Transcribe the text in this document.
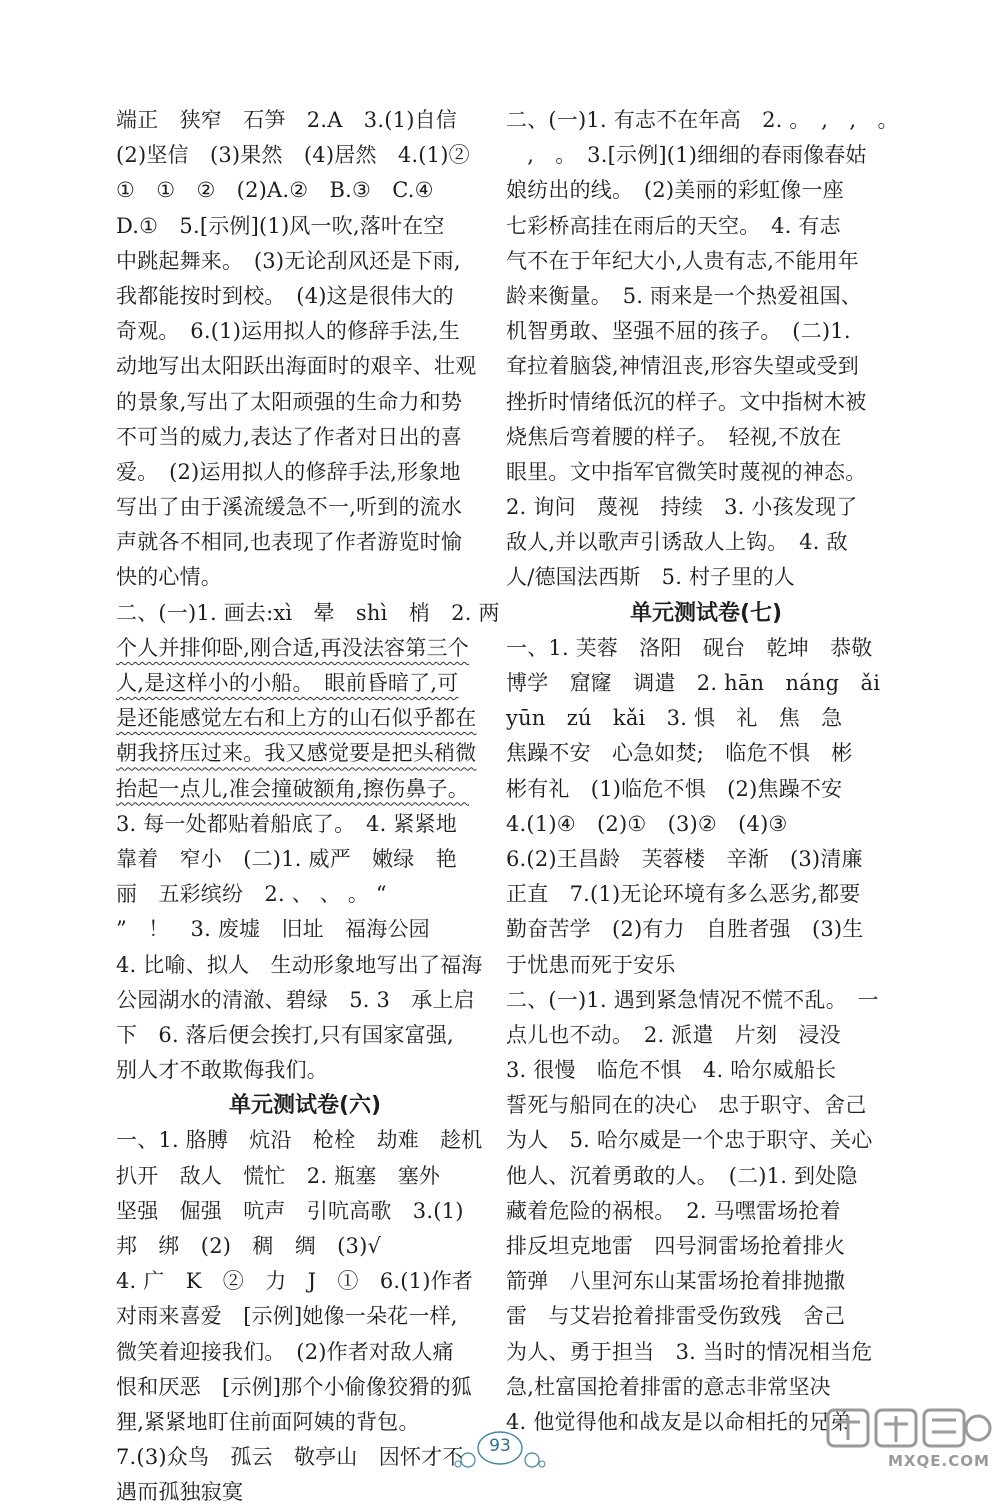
端正　狭窄　石笋　2.A　3.(1)自信
(2)坚信　(3)果然　(4)居然　4.(1)②
①　①　②　(2)A.②　B.③　C.④
D.①　5.[示例](1)风一吹,落叶在空
中跳起舞来。　(3)无论刮风还是下雨,
我都能按时到校。　(4)这是很伟大的
奇观。　6.(1)运用拟人的修辞手法,生
动地写出太阳跃出海面时的艰辛、壮观
的景象,写出了太阳顽强的生命力和势
不可当的威力,表达了作者对日出的喜
爱。　(2)运用拟人的修辞手法,形象地
写出了由于溪流缓急不一,听到的流水
声就各不相同,也表现了作者游览时愉
快的心情。
二、(一)1. 画去:xì　晕　shì　梢　2. 两
个人并排仰卧,刚合适,再没法容第三个
人,是这样小的小船。　眼前昏暗了,可
是还能感觉左右和上方的山石似乎都在
朝我挤压过来。我又感觉要是把头稍微
抬起一点儿,准会撞破额角,擦伤鼻子。
3. 每一处都贴着船底了。　4. 紧紧地
靠着　窄小　(二)1. 威严　嫩绿　艳
丽　五彩缤纷　2. 、 、 。 “
”　！　3. 废墟　旧址　福海公园
4. 比喻、拟人　生动形象地写出了福海
公园湖水的清澈、碧绿　5. 3　承上启
下　6. 落后便会挨打,只有国家富强,
别人才不敢欺侮我们。
单元测试卷(六)
一、1. 胳膊　炕沿　枪栓　劫难　趁机
扒开　敌人　慌忙　2. 瓶塞　塞外
坚强　倔强　吭声　引吭高歌　3.(1)
邦　绑　(2)　稠　绸　(3)√
4. 广　K　②　力　J　①　6.(1)作者
对雨来喜爱　[示例]她像一朵花一样,
微笑着迎接我们。　(2)作者对敌人痛
恨和厌恶　[示例]那个小偷像狡猾的狐
狸,紧紧地盯住前面阿姨的背包。
7.(3)众鸟　孤云　敬亭山　因怀才不
遇而孤独寂寞
二、(一)1. 有志不在年高　2. 。　,　,　。
　,　。　3.[示例](1)细细的春雨像春姑
娘纺出的线。　(2)美丽的彩虹像一座
七彩桥高挂在雨后的天空。　4. 有志
气不在于年纪大小,人贵有志,不能用年
龄来衡量。　5. 雨来是一个热爱祖国、
机智勇敢、坚强不屈的孩子。　(二)1.
耷拉着脑袋,神情沮丧,形容失望或受到
挫折时情绪低沉的样子。文中指树木被
烧焦后弯着腰的样子。　轻视,不放在
眼里。文中指军官微笑时蔑视的神态。
2. 询问　蔑视　持续　3. 小孩发现了
敌人,并以歌声引诱敌人上钩。　4. 敌
人/德国法西斯　5. 村子里的人
单元测试卷(七)
一、1. 芙蓉　洛阳　砚台　乾坤　恭敬
博学　窟窿　调遣　2. hān　náng　ǎi
yūn　zú　kǎi　3. 惧　礼　焦　急
焦躁不安　心急如焚;　临危不惧　彬
彬有礼　(1)临危不惧　(2)焦躁不安
4.(1)④　(2)①　(3)②　(4)③
6.(2)王昌龄　芙蓉楼　辛渐　(3)清廉
正直　7.(1)无论环境有多么恶劣,都要
勤奋苦学　(2)有力　自胜者强　(3)生
于忧患而死于安乐
二、(一)1. 遇到紧急情况不慌不乱。　一
点儿也不动。　2. 派遣　片刻　浸没
3. 很慢　临危不惧　4. 哈尔威船长
誓死与船同在的决心　忠于职守、舍己
为人　5. 哈尔威是一个忠于职守、关心
他人、沉着勇敢的人。　(二)1. 到处隐
藏着危险的祸根。　2. 马嘿雷场抢着
排反坦克地雷　四号洞雷场抢着排火
箭弹　八里河东山某雷场抢着排抛撒
雷　与艾岩抢着排雷受伤致残　舍己
为人、勇于担当　3. 当时的情况相当危
急,杜富国抢着排雷的意志非常坚决
4. 他觉得他和战友是以命相托的兄弟
93
MXQE.COM
